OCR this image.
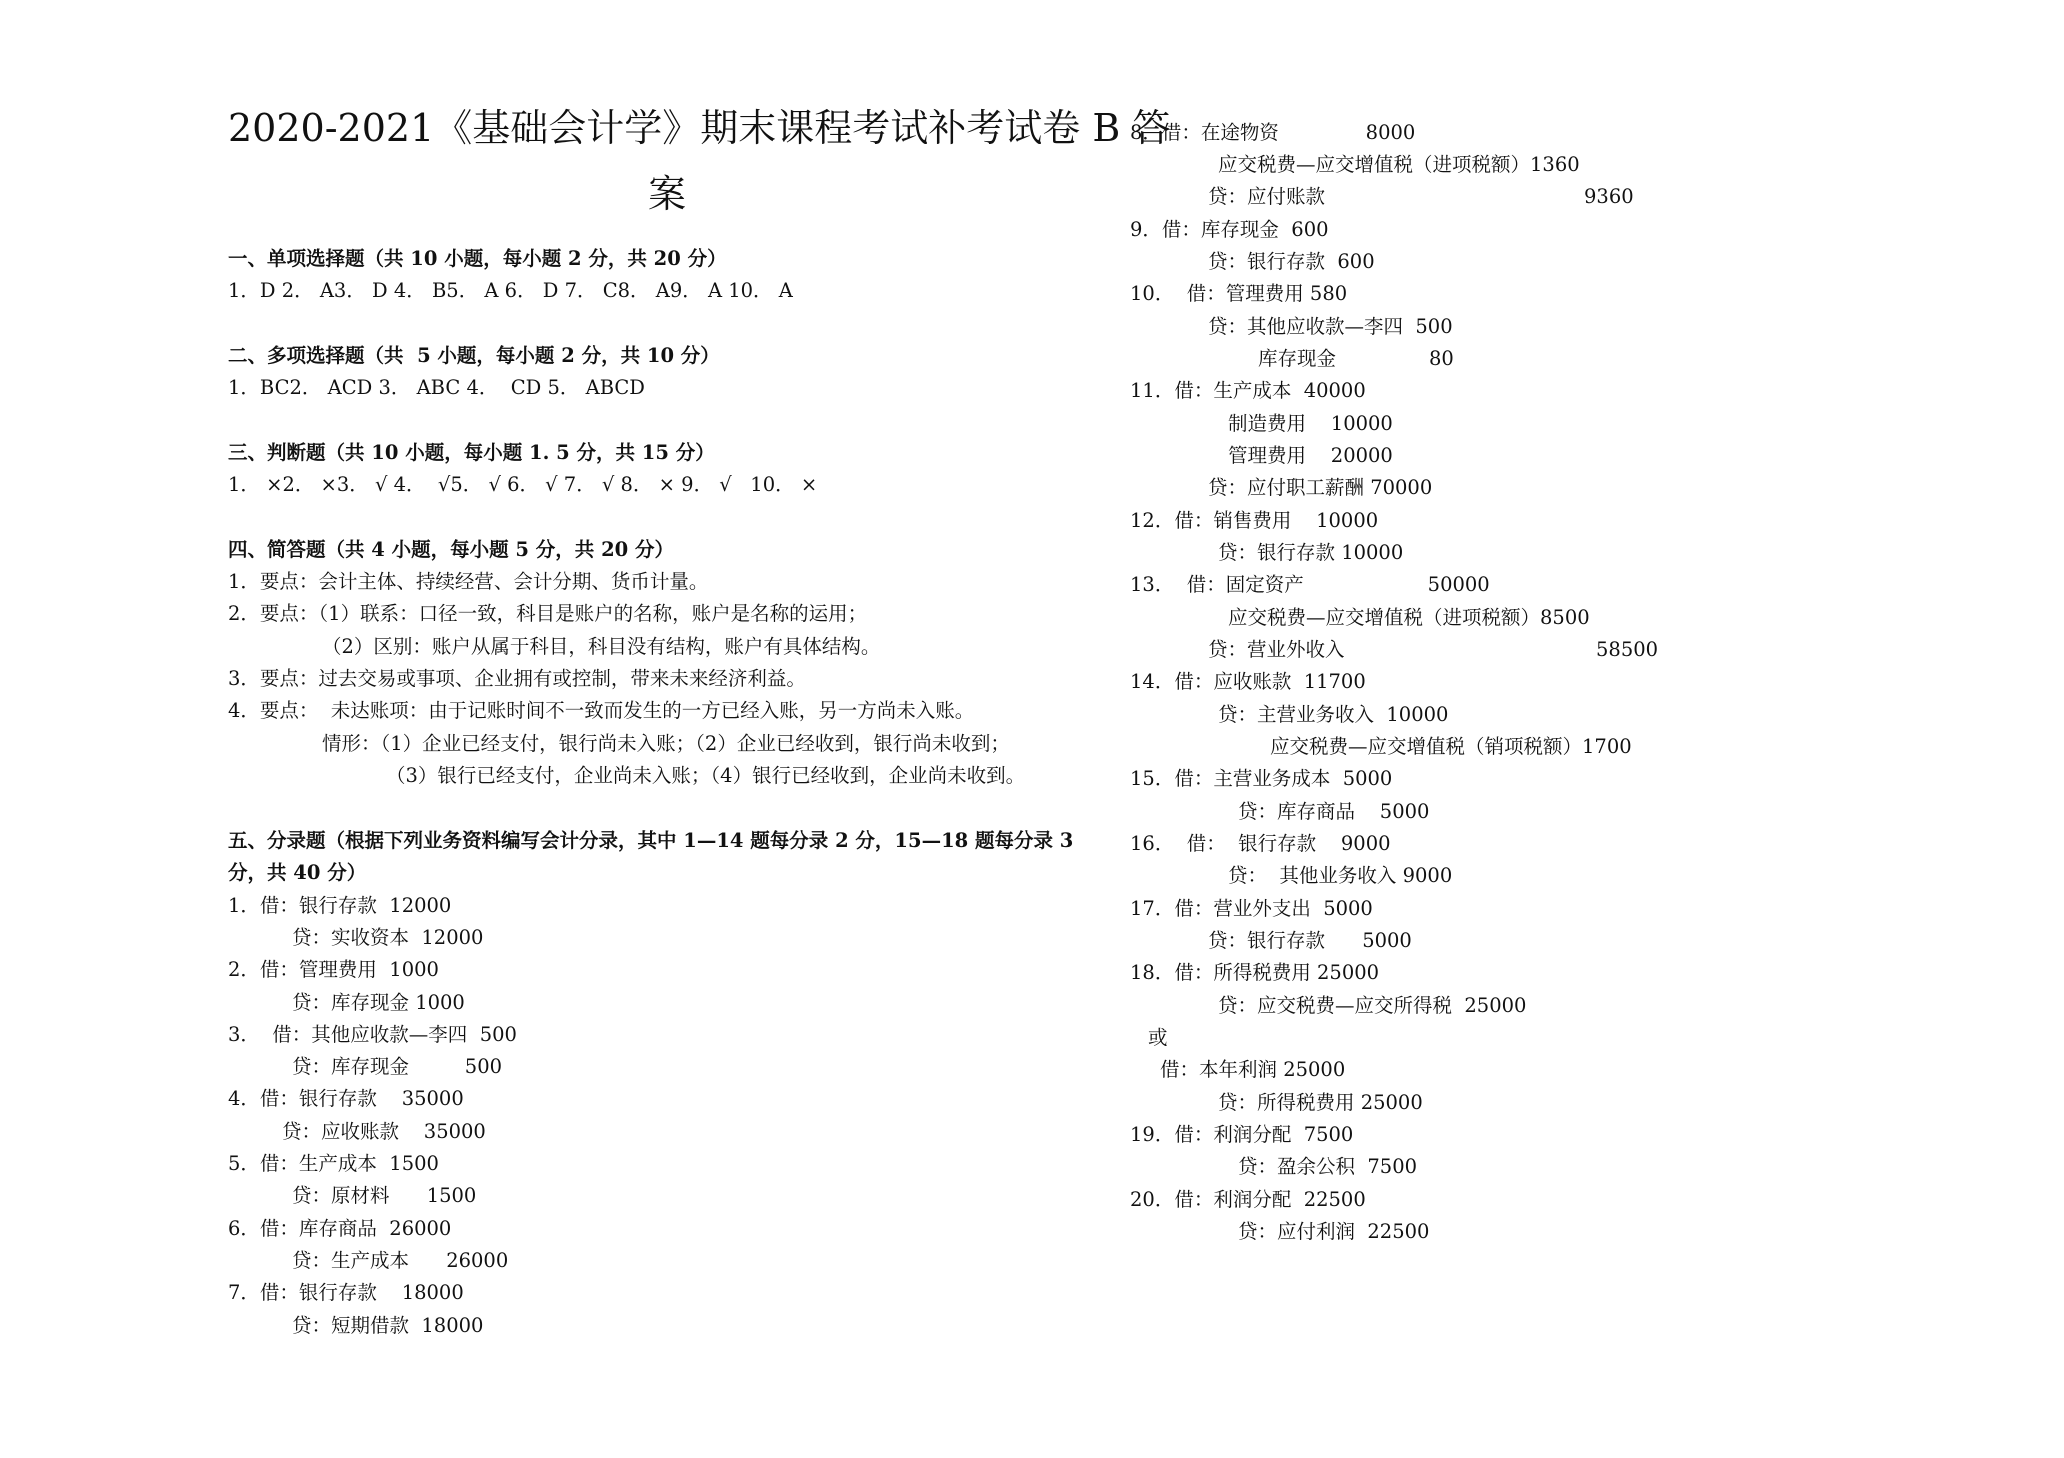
2020-2021《基础会计学》期末课程考试补考试卷 B 答
案
一、单项选择题（共 10 小题，每小题 2 分，共 20 分）
1．D 2． A3． D 4． B5． A 6． D 7． C8． A9． A 10． A
二、多项选择题（共  5 小题，每小题 2 分，共 10 分）
1．BC2． ACD 3． ABC 4．  CD 5． ABCD
三、判断题（共 10 小题，每小题 1. 5 分，共 15 分）
1． ×2． ×3． √ 4．  √5． √ 6． √ 7． √ 8． × 9． √   10． ×
四、简答题（共 4 小题，每小题 5 分，共 20 分）
1．要点：会计主体、持续经营、会计分期、货币计量。
2．要点：（1）联系：口径一致，科目是账户的名称，账户是名称的运用；
（2）区别：账户从属于科目，科目没有结构，账户有具体结构。
3．要点：过去交易或事项、企业拥有或控制，带来未来经济利益。
4．要点：  未达账项：由于记账时间不一致而发生的一方已经入账，另一方尚未入账。
情形：（1）企业已经支付，银行尚未入账；（2）企业已经收到，银行尚未收到；
（3）银行已经支付，企业尚未入账；（4）银行已经收到，企业尚未收到。
五、分录题（根据下列业务资料编写会计分录，其中 1—14 题每分录 2 分，15—18 题每分录 3
分，共 40 分）
1．借：银行存款  12000
贷：实收资本  12000
2．借：管理费用  1000
贷：库存现金 1000
3．  借：其他应收款—李四  500
贷：库存现金         500
4．借：银行存款    35000
贷：应收账款    35000
5．借：生产成本  1500
贷：原材料      1500
6．借：库存商品  26000
贷：生产成本      26000
7．借：银行存款    18000
贷：短期借款  18000
8．借：在途物资              8000
应交税费—应交增值税（进项税额）1360
贷：应付账款	9360
9．借：库存现金  600
贷：银行存款  600
10．  借：管理费用 580
贷：其他应收款—李四  500
库存现金               80
11．借：生产成本  40000
制造费用    10000
管理费用    20000
贷：应付职工薪酬 70000
12．借：销售费用    10000
贷：银行存款 10000
13．  借：固定资产                    50000
应交税费—应交增值税（进项税额）8500
贷：营业外收入	58500
14．借：应收账款  11700
贷：主营业务收入  10000
应交税费—应交增值税（销项税额）1700
15．借：主营业务成本  5000
贷：库存商品    5000
16．  借：  银行存款    9000
贷：  其他业务收入 9000
17．借：营业外支出  5000
贷：银行存款      5000
18．借：所得税费用 25000
贷：应交税费—应交所得税  25000
或
借：本年利润 25000
贷：所得税费用 25000
19．借：利润分配  7500
贷：盈余公积  7500
20．借：利润分配  22500
贷：应付利润  22500
